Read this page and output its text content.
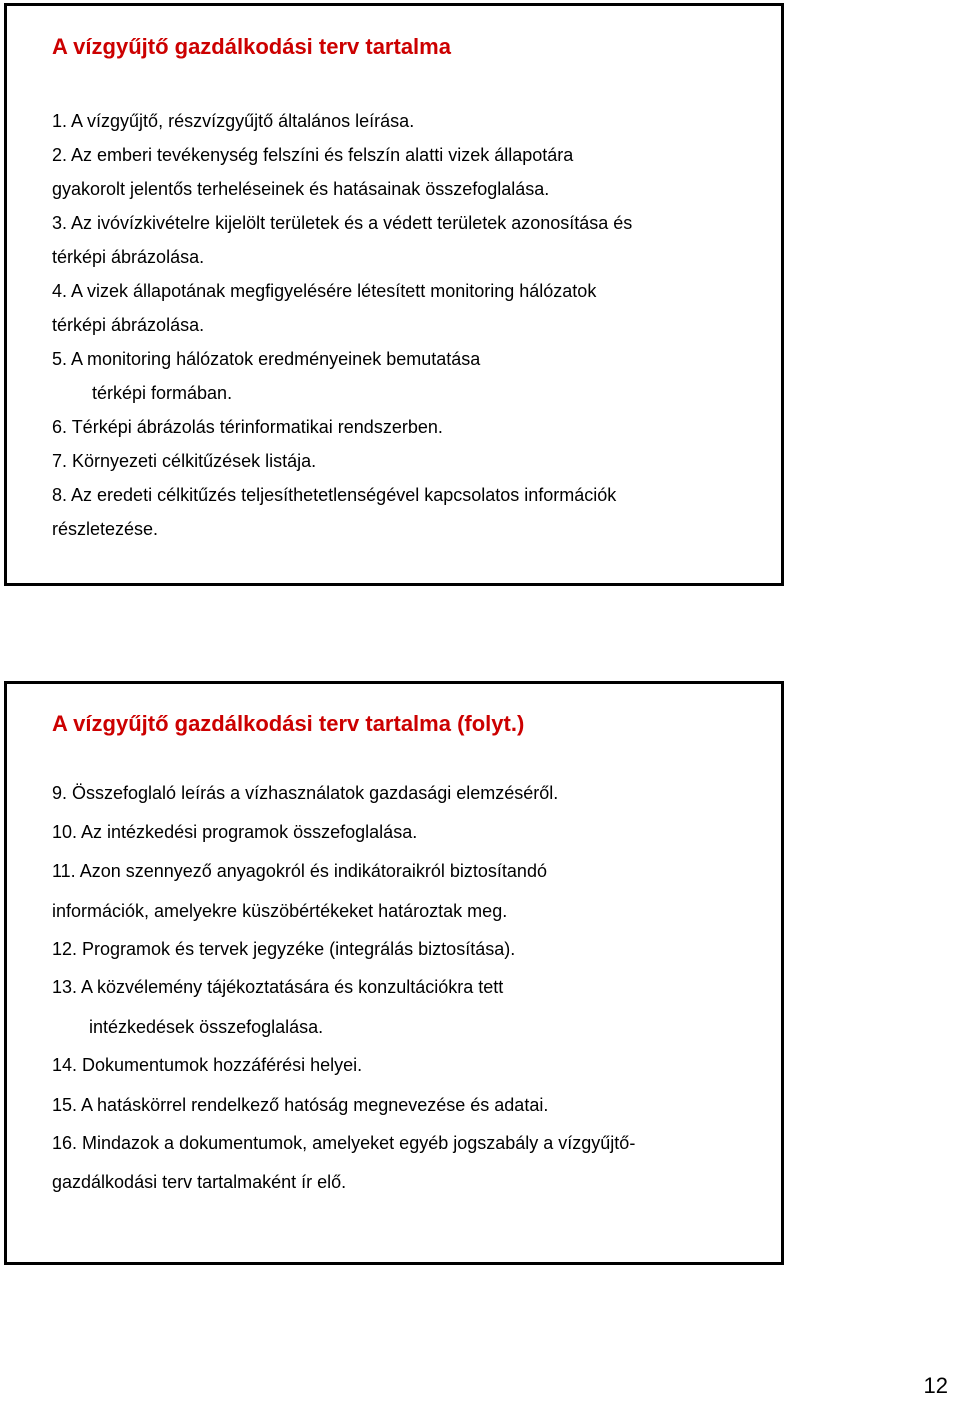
A vízgyűjtő gazdálkodási terv tartalma
1. A vízgyűjtő, részvízgyűjtő általános leírása.
2. Az emberi tevékenység felszíni és felszín alatti vizek állapotára
gyakorolt jelentős terheléseinek és hatásainak összefoglalása.
3. Az ivóvízkivételre kijelölt területek és a védett területek azonosítása és
térképi ábrázolása.
4. A vizek állapotának megfigyelésére létesített monitoring hálózatok
térképi ábrázolása.
5. A monitoring hálózatok eredményeinek bemutatása
térképi formában.
6. Térképi ábrázolás térinformatikai rendszerben.
7. Környezeti célkitűzések listája.
8. Az eredeti célkitűzés teljesíthetetlenségével kapcsolatos információk
részletezése.
A vízgyűjtő gazdálkodási terv tartalma (folyt.)
9. Összefoglaló leírás a vízhasználatok gazdasági elemzéséről.
10. Az intézkedési programok összefoglalása.
11. Azon szennyező anyagokról és indikátoraikról biztosítandó
információk, amelyekre küszöbértékeket határoztak meg.
12. Programok és tervek jegyzéke (integrálás biztosítása).
13. A közvélemény tájékoztatására és konzultációkra tett
intézkedések összefoglalása.
14. Dokumentumok hozzáférési helyei.
15. A hatáskörrel rendelkező hatóság megnevezése és adatai.
16. Mindazok a dokumentumok, amelyeket egyéb jogszabály a vízgyűjtő-
gazdálkodási terv tartalmaként ír elő.
12
